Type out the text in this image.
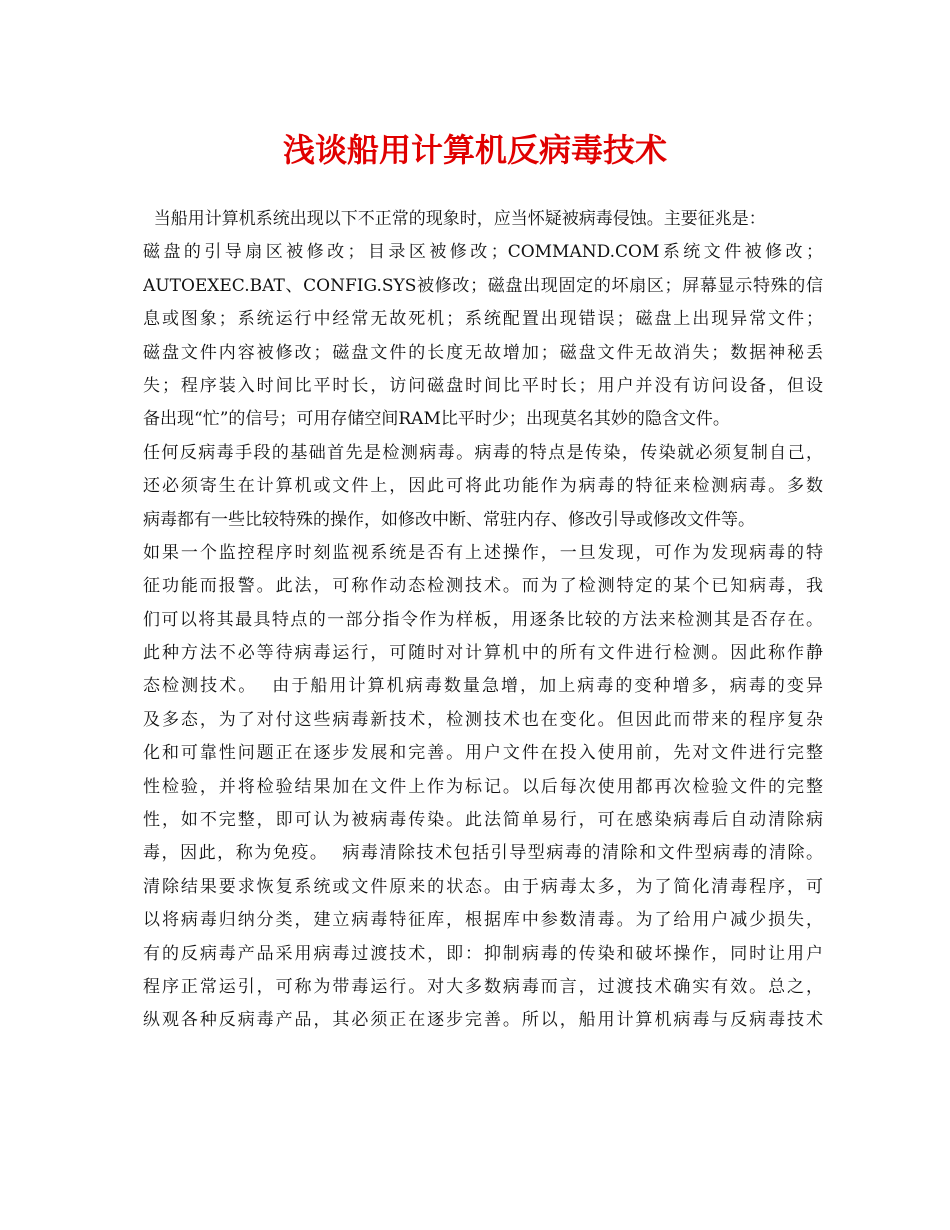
浅谈船用计算机反病毒技术
当船用计算机系统出现以下不正常的现象时，应当怀疑被病毒侵蚀。主要征兆是：
磁盘的引导扇区被修改；目录区被修改；COMMAND.COM系统文件被修改；
AUTOEXEC.BAT、CONFIG.SYS被修改；磁盘出现固定的坏扇区；屏幕显示特殊的信
息或图象；系统运行中经常无故死机；系统配置出现错误；磁盘上出现异常文件；
磁盘文件内容被修改；磁盘文件的长度无故增加；磁盘文件无故消失；数据神秘丢
失；程序装入时间比平时长，访问磁盘时间比平时长；用户并没有访问设备，但设
备出现“忙”的信号；可用存储空间RAM比平时少；出现莫名其妙的隐含文件。
任何反病毒手段的基础首先是检测病毒。病毒的特点是传染，传染就必须复制自己，
还必须寄生在计算机或文件上，因此可将此功能作为病毒的特征来检测病毒。多数
病毒都有一些比较特殊的操作，如修改中断、常驻内存、修改引导或修改文件等。
如果一个监控程序时刻监视系统是否有上述操作，一旦发现，可作为发现病毒的特
征功能而报警。此法，可称作动态检测技术。而为了检测特定的某个已知病毒，我
们可以将其最具特点的一部分指令作为样板，用逐条比较的方法来检测其是否存在。
此种方法不必等待病毒运行，可随时对计算机中的所有文件进行检测。因此称作静
态检测技术。  由于船用计算机病毒数量急增，加上病毒的变种增多，病毒的变异
及多态，为了对付这些病毒新技术，检测技术也在变化。但因此而带来的程序复杂
化和可靠性问题正在逐步发展和完善。用户文件在投入使用前，先对文件进行完整
性检验，并将检验结果加在文件上作为标记。以后每次使用都再次检验文件的完整
性，如不完整，即可认为被病毒传染。此法简单易行，可在感染病毒后自动清除病
毒，因此，称为免疫。  病毒清除技术包括引导型病毒的清除和文件型病毒的清除。
清除结果要求恢复系统或文件原来的状态。由于病毒太多，为了简化清毒程序，可
以将病毒归纳分类，建立病毒特征库，根据库中参数清毒。为了给用户减少损失，
有的反病毒产品采用病毒过渡技术，即：抑制病毒的传染和破坏操作，同时让用户
程序正常运引，可称为带毒运行。对大多数病毒而言，过渡技术确实有效。总之，
纵观各种反病毒产品，其必须正在逐步完善。所以，船用计算机病毒与反病毒技术
